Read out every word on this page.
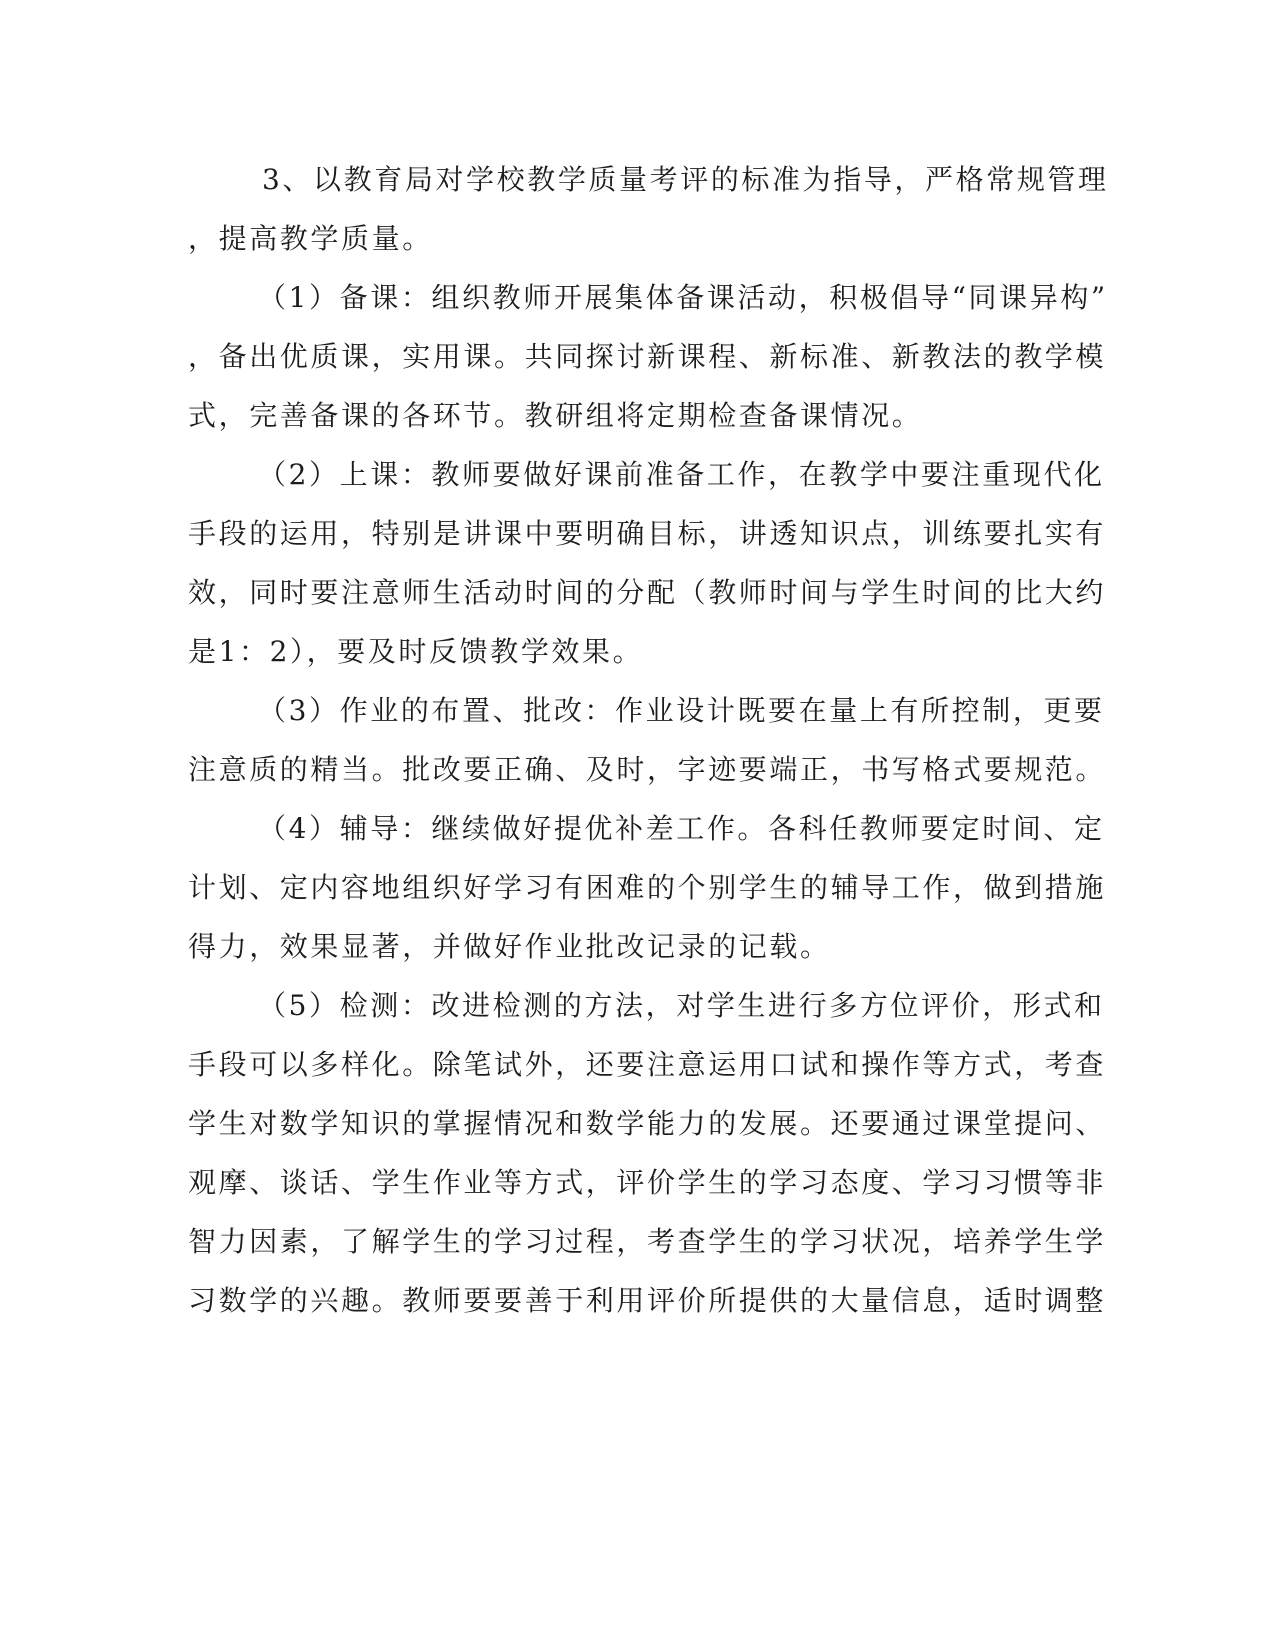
3、以教育局对学校教学质量考评的标准为指导，严格常规管理

，提高教学质量。

（1）备课：组织教师开展集体备课活动，积极倡导“同课异构”

，备出优质课，实用课。共同探讨新课程、新标准、新教法的教学模

式，完善备课的各环节。教研组将定期检查备课情况。

（2）上课：教师要做好课前准备工作，在教学中要注重现代化

手段的运用，特别是讲课中要明确目标，讲透知识点，训练要扎实有

效，同时要注意师生活动时间的分配（教师时间与学生时间的比大约

是1：2），要及时反馈教学效果。

（3）作业的布置、批改：作业设计既要在量上有所控制，更要

注意质的精当。批改要正确、及时，字迹要端正，书写格式要规范。

（4）辅导：继续做好提优补差工作。各科任教师要定时间、定

计划、定内容地组织好学习有困难的个别学生的辅导工作，做到措施

得力，效果显著，并做好作业批改记录的记载。

（5）检测：改进检测的方法，对学生进行多方位评价，形式和

手段可以多样化。除笔试外，还要注意运用口试和操作等方式，考查

学生对数学知识的掌握情况和数学能力的发展。还要通过课堂提问、

观摩、谈话、学生作业等方式，评价学生的学习态度、学习习惯等非

智力因素，了解学生的学习过程，考查学生的学习状况，培养学生学

习数学的兴趣。教师要要善于利用评价所提供的大量信息，适时调整
